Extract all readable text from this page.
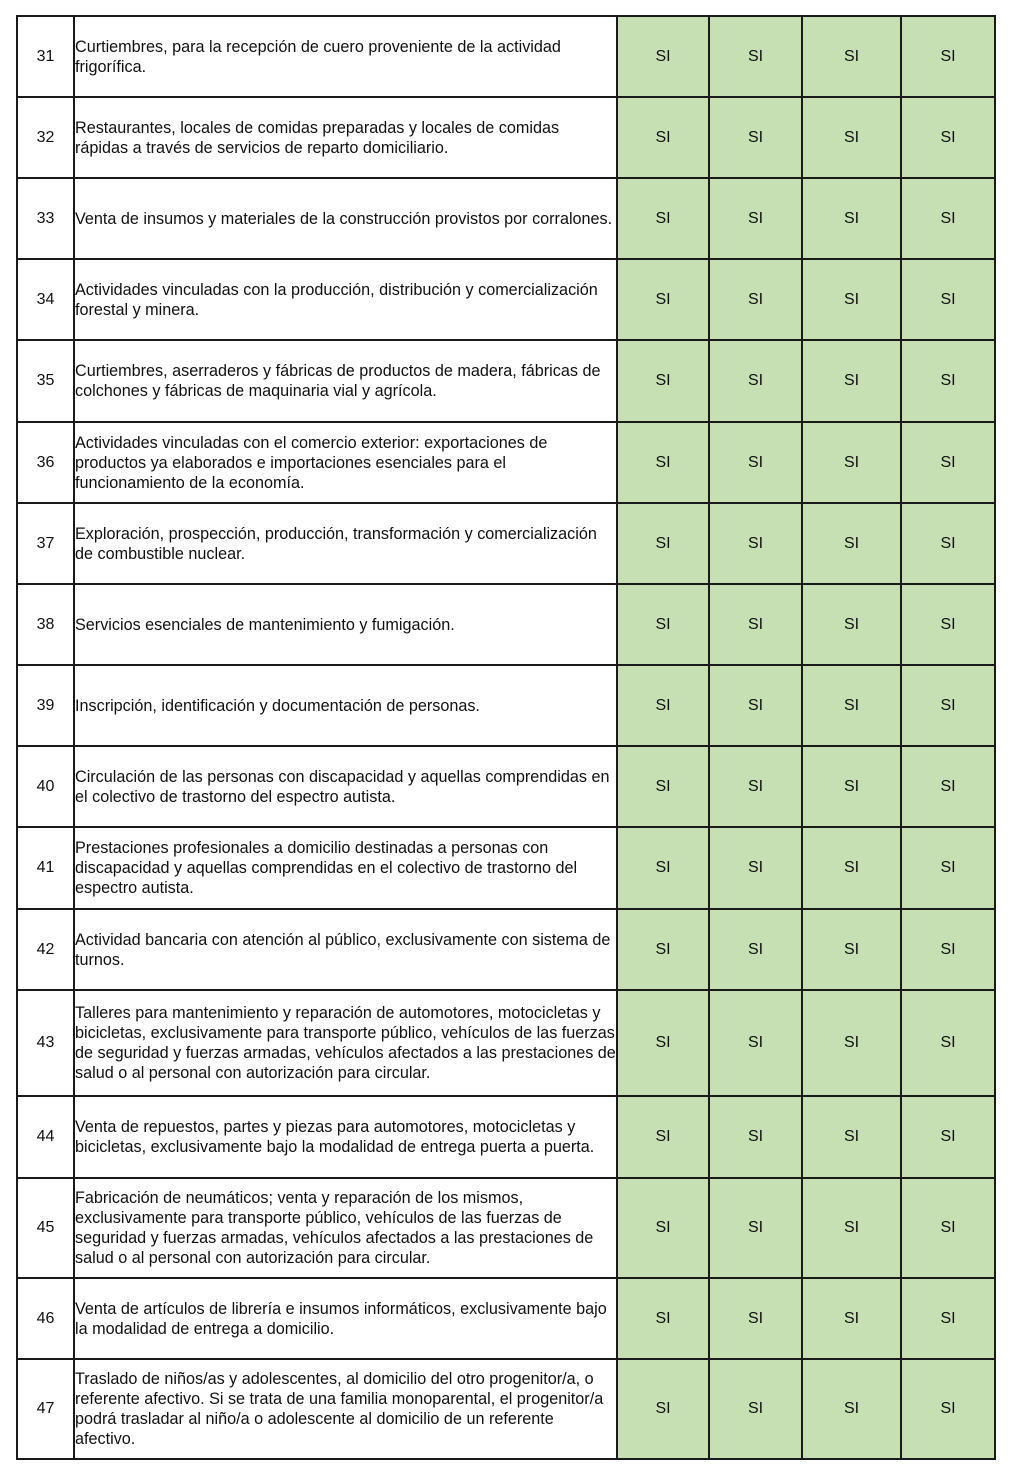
31	Curtiembres, para la recepción de cuero proveniente de la actividad frigorífica.	SI	SI	SI	SI
32	Restaurantes, locales de comidas preparadas y locales de comidas rápidas a través de servicios de reparto domiciliario.	SI	SI	SI	SI
33	Venta de insumos y materiales de la construcción provistos por corralones.	SI	SI	SI	SI
34	Actividades vinculadas con la producción, distribución y comercialización forestal y minera.	SI	SI	SI	SI
35	Curtiembres, aserraderos y fábricas de productos de madera, fábricas de colchones y fábricas de maquinaria vial y agrícola.	SI	SI	SI	SI
36	Actividades vinculadas con el comercio exterior: exportaciones de productos ya elaborados e importaciones esenciales para el funcionamiento de la economía.	SI	SI	SI	SI
37	Exploración, prospección, producción, transformación y comercialización de combustible nuclear.	SI	SI	SI	SI
38	Servicios esenciales de mantenimiento y fumigación.	SI	SI	SI	SI
39	Inscripción, identificación y documentación de personas.	SI	SI	SI	SI
40	Circulación de las personas con discapacidad y aquellas comprendidas en el colectivo de trastorno del espectro autista.	SI	SI	SI	SI
41	Prestaciones profesionales a domicilio destinadas a personas con discapacidad y aquellas comprendidas en el colectivo de trastorno del espectro autista.	SI	SI	SI	SI
42	Actividad bancaria con atención al público, exclusivamente con sistema de turnos.	SI	SI	SI	SI
43	Talleres para mantenimiento y reparación de automotores, motocicletas y bicicletas, exclusivamente para transporte público, vehículos de las fuerzas de seguridad y fuerzas armadas, vehículos afectados a las prestaciones de salud o al personal con autorización para circular.	SI	SI	SI	SI
44	Venta de repuestos, partes y piezas para automotores, motocicletas y bicicletas, exclusivamente bajo la modalidad de entrega puerta a puerta.	SI	SI	SI	SI
45	Fabricación de neumáticos; venta y reparación de los mismos, exclusivamente para transporte público, vehículos de las fuerzas de seguridad y fuerzas armadas, vehículos afectados a las prestaciones de salud o al personal con autorización para circular.	SI	SI	SI	SI
46	Venta de artículos de librería e insumos informáticos, exclusivamente bajo la modalidad de entrega a domicilio.	SI	SI	SI	SI
47	Traslado de niños/as y adolescentes, al domicilio del otro progenitor/a, o referente afectivo. Si se trata de una familia monoparental, el progenitor/a podrá trasladar al niño/a o adolescente al domicilio de un referente afectivo.	SI	SI	SI	SI
